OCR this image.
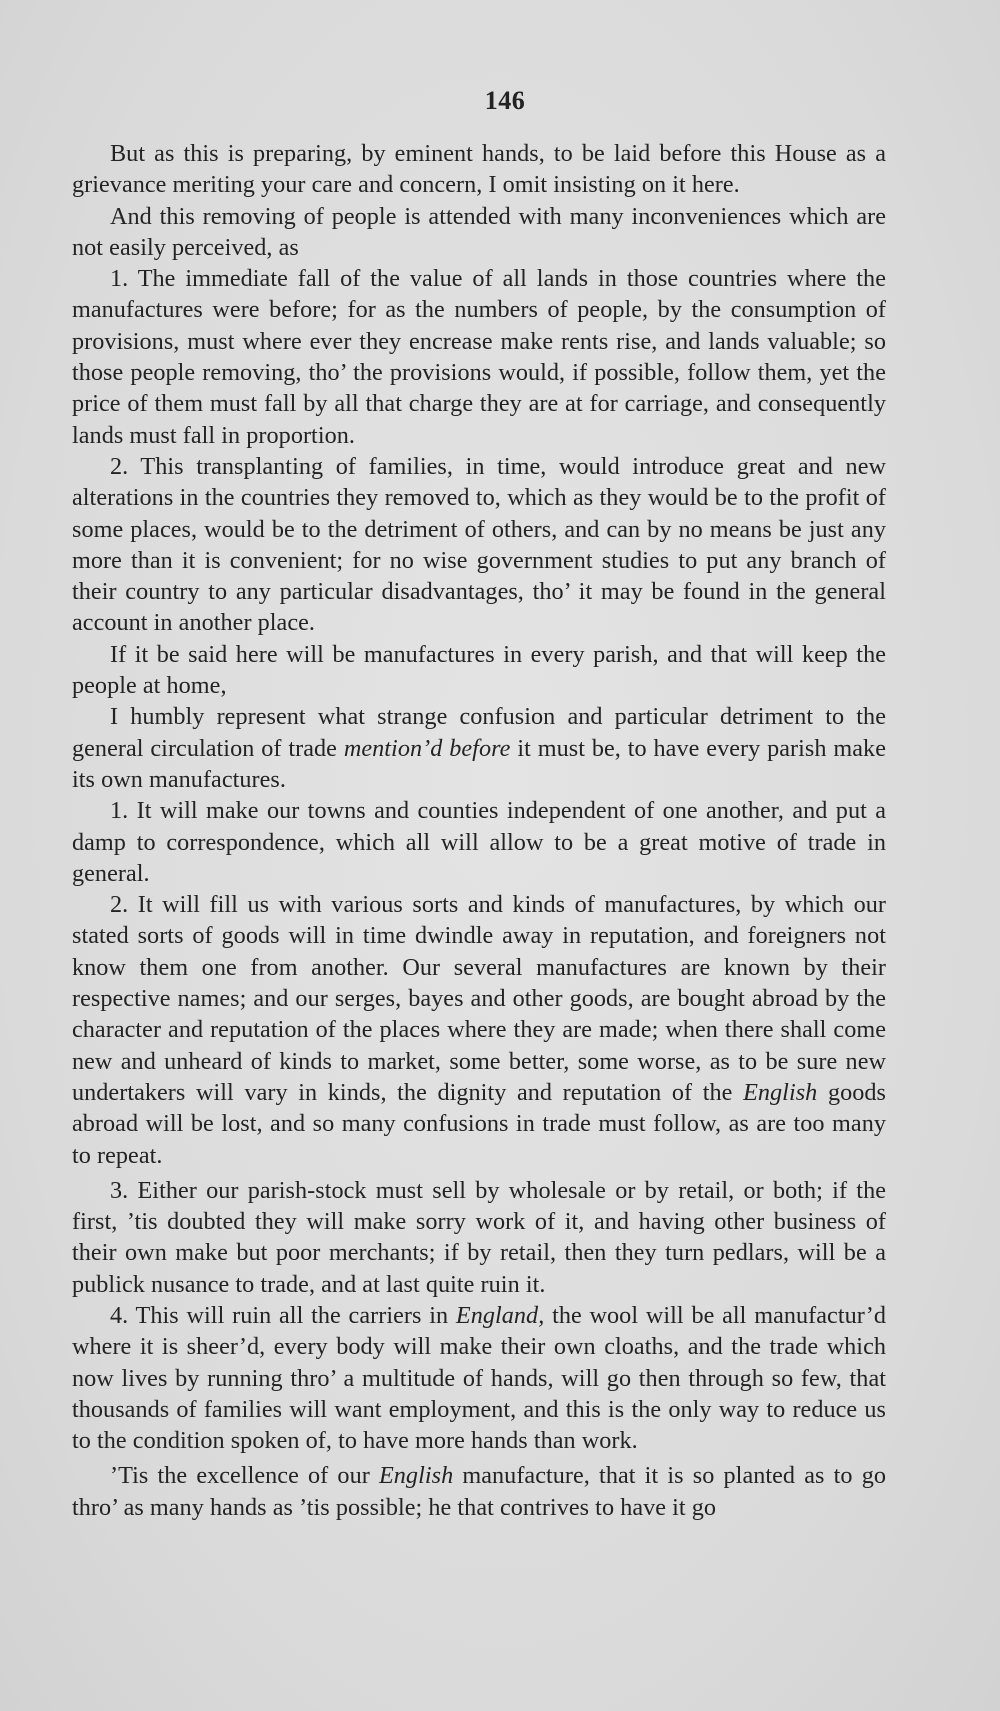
146

But as this is preparing, by eminent hands, to be laid before this House as a grievance meriting your care and concern, I omit insisting on it here.

And this removing of people is attended with many inconveniences which are not easily perceived, as

1. The immediate fall of the value of all lands in those countries where the manufactures were before; for as the numbers of people, by the consumption of provisions, must where ever they encrease make rents rise, and lands valuable; so those people removing, tho’ the provisions would, if possible, follow them, yet the price of them must fall by all that charge they are at for carriage, and consequently lands must fall in proportion.

2. This transplanting of families, in time, would introduce great and new alterations in the countries they removed to, which as they would be to the profit of some places, would be to the detriment of others, and can by no means be just any more than it is convenient; for no wise government studies to put any branch of their country to any particular disadvantages, tho’ it may be found in the general account in another place.

If it be said here will be manufactures in every parish, and that will keep the people at home,

I humbly represent what strange confusion and particular detriment to the general circulation of trade mention’d before it must be, to have every parish make its own manufactures.

1. It will make our towns and counties independent of one another, and put a damp to correspondence, which all will allow to be a great motive of trade in general.

2. It will fill us with various sorts and kinds of manufactures, by which our stated sorts of goods will in time dwindle away in reputation, and foreigners not know them one from another. Our several manufactures are known by their respective names; and our serges, bayes and other goods, are bought abroad by the character and reputation of the places where they are made; when there shall come new and unheard of kinds to market, some better, some worse, as to be sure new undertakers will vary in kinds, the dignity and reputation of the English goods abroad will be lost, and so many confusions in trade must follow, as are too many to repeat.

3. Either our parish-stock must sell by wholesale or by retail, or both; if the first, ’tis doubted they will make sorry work of it, and having other business of their own make but poor merchants; if by retail, then they turn pedlars, will be a publick nusance to trade, and at last quite ruin it.

4. This will ruin all the carriers in England, the wool will be all manufactur’d where it is sheer’d, every body will make their own cloaths, and the trade which now lives by running thro’ a multitude of hands, will go then through so few, that thousands of families will want employment, and this is the only way to reduce us to the condition spoken of, to have more hands than work.

’Tis the excellence of our English manufacture, that it is so planted as to go thro’ as many hands as ’tis possible; he that contrives to have it go
